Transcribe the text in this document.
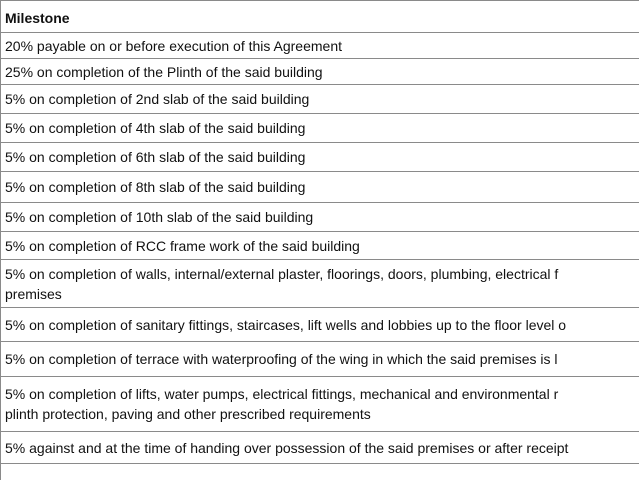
Milestone
20% payable on or before execution of this Agreement
25% on completion of the Plinth of the said building
5% on completion of 2nd slab of the said building
5% on completion of 4th slab of the said building
5% on completion of 6th slab of the said building
5% on completion of 8th slab of the said building
5% on completion of 10th slab of the said building
5% on completion of RCC frame work of the said building
5% on completion of walls, internal/external plaster, floorings, doors, plumbing, electrical f
premises
5% on completion of sanitary fittings, staircases, lift wells and lobbies up to the floor level o
5% on completion of terrace with waterproofing of the wing in which the said premises is l
5% on completion of lifts, water pumps, electrical fittings, mechanical and environmental r
plinth protection, paving and other prescribed requirements
5% against and at the time of handing over possession of the said premises or after receipt
